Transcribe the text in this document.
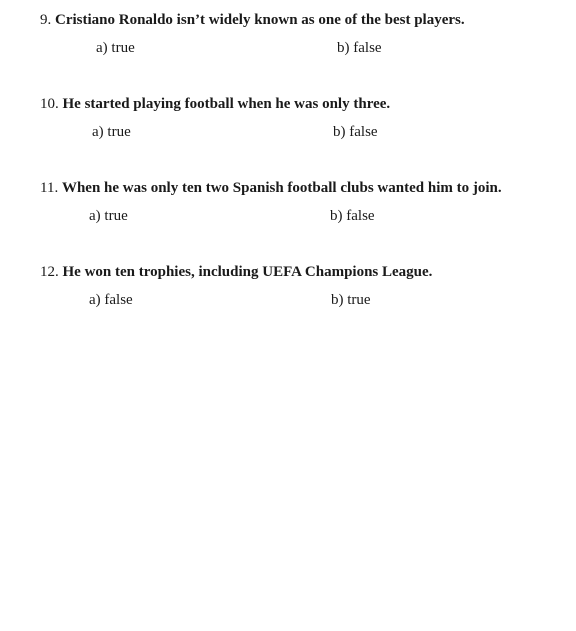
9. Cristiano Ronaldo isn’t widely known as one of the best players.
a) true	b) false
10. He started playing football when he was only three.
a) true	b) false
11. When he was only ten two Spanish football clubs wanted him to join.
a) true	b) false
12. He won ten trophies, including UEFA Champions League.
a) false	b) true
